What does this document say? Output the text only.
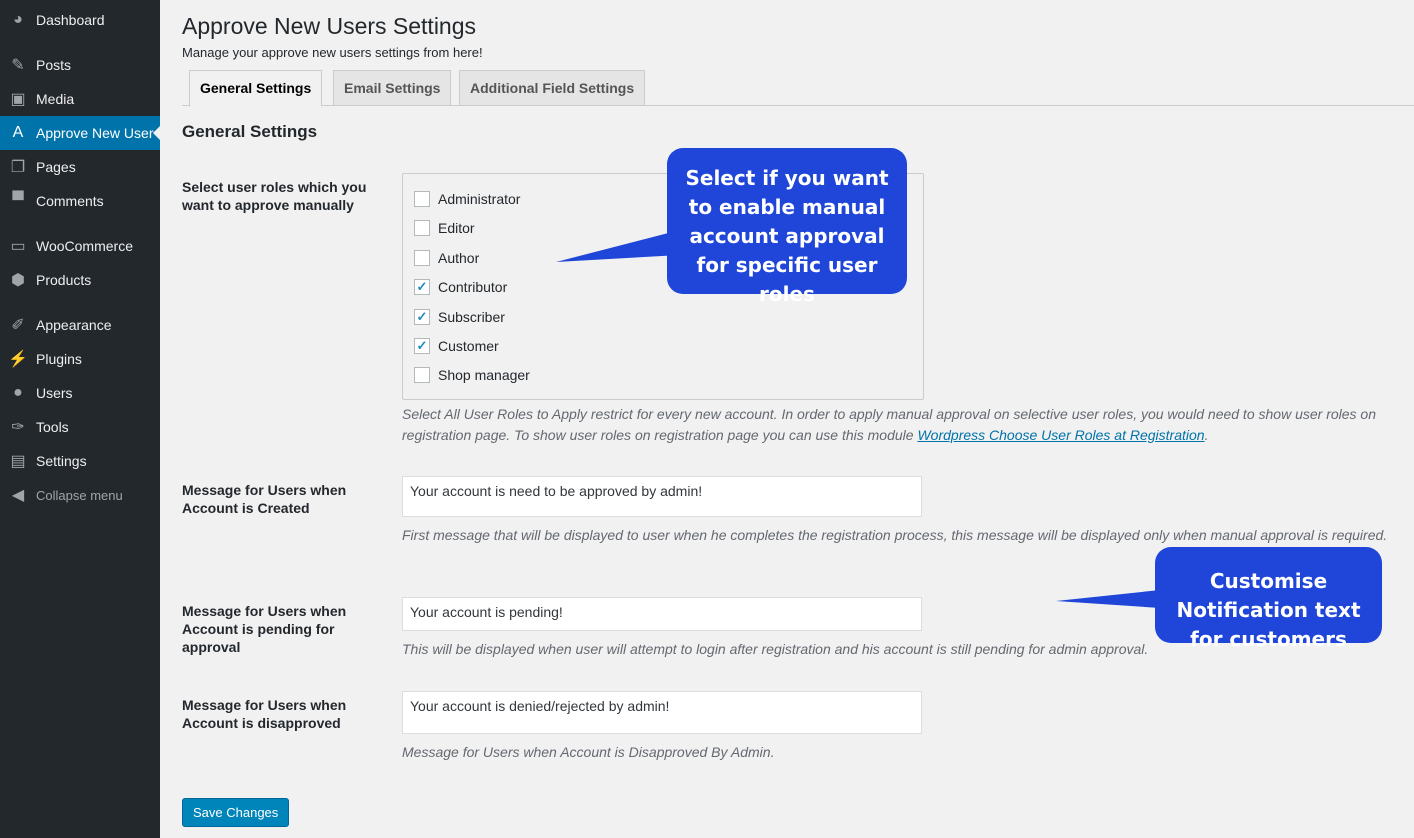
◕ Dashboard
✎ Posts
▣ Media
A Approve New User
❐ Pages
▀ Comments
▭ WooCommerce
⬢ Products
✐ Appearance
⚡ Plugins
● Users
✑ Tools
▤ Settings
◀ Collapse menu
Approve New Users Settings
Manage your approve new users settings from here!
General Settings	Email Settings	Additional Field Settings
General Settings
Select user roles which you want to approve manually	Administrator
Editor
Author
✓ Contributor
✓ Subscriber
✓ Customer
Shop manager
Select All User Roles to Apply restrict for every new account. In order to apply manual approval on selective user roles, you would need to show user roles on registration page. To show user roles on registration page you can use this module Wordpress Choose User Roles at Registration.
Message for Users when Account is Created
Your account is need to be approved by admin!
First message that will be displayed to user when he completes the registration process, this message will be displayed only when manual approval is required.
Message for Users when Account is pending for approval
Your account is pending!
This will be displayed when user will attempt to login after registration and his account is still pending for admin approval.
Message for Users when Account is disapproved
Your account is denied/rejected by admin!
Message for Users when Account is Disapproved By Admin.
Save Changes
Select if you want to enable manual account approval for specific user roles
Customise Notification text for customers
